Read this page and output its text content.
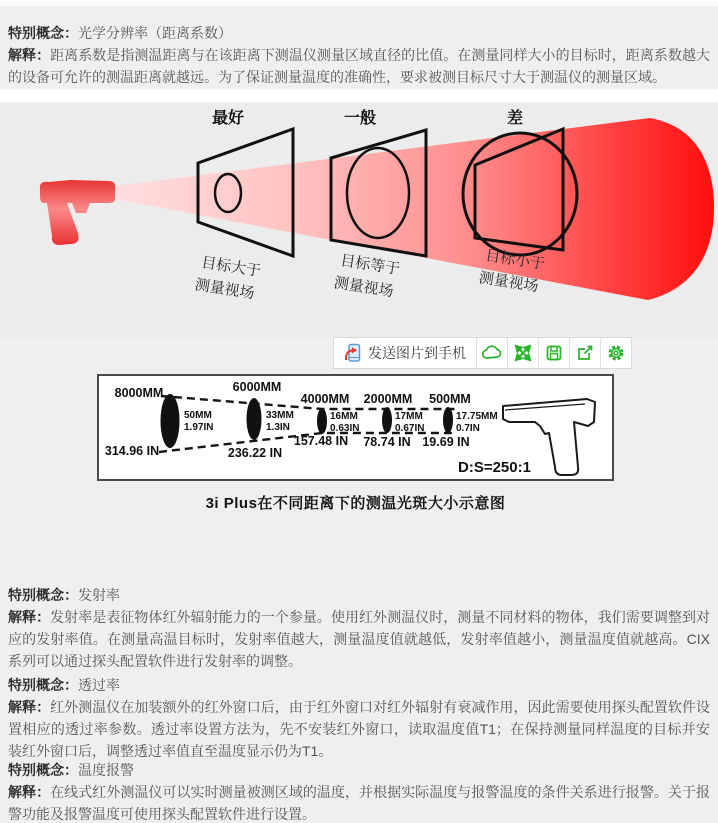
特别概念：光学分辨率（距离系数）

解释：距离系数是指测温距离与在该距离下测温仪测量区域直径的比值。在测量同样大小的目标时，距离系数越大的设备可允许的测温距离就越远。为了保证测量温度的准确性，要求被测目标尺寸大于测温仪的测量区域。

最好	一般	差
目标大于
测量视场
目标等于
测量视场
目标小于
测量视场
发送图片到手机
8000MM	6000MM
4000MM 2000MM 500MM
50MM
1.97IN
33MM
1.3IN
16MM
0.63IN
17MM
0.67IN
17.75MM
0.7IN
314.96 IN	236.22 IN
157.48 IN 78.74 IN 19.69 IN
D:S=250:1
3i Plus在不同距离下的测温光斑大小示意图
特别概念：发射率

解释：发射率是表征物体红外辐射能力的一个参量。使用红外测温仪时，测量不同材料的物体，我们需要调整到对应的发射率值。在测量高温目标时，发射率值越大，测量温度值就越低，发射率值越小，测量温度值就越高。CIX系列可以通过探头配置软件进行发射率的调整。

特别概念：透过率

解释：红外测温仪在加装额外的红外窗口后，由于红外窗口对红外辐射有衰减作用，因此需要使用探头配置软件设置相应的透过率参数。透过率设置方法为，先不安装红外窗口，读取温度值T1；在保持测量同样温度的目标并安装红外窗口后，调整透过率值直至温度显示仍为T1。

特别概念：温度报警

解释：在线式红外测温仪可以实时测量被测区域的温度，并根据实际温度与报警温度的条件关系进行报警。关于报警功能及报警温度可使用探头配置软件进行设置。
